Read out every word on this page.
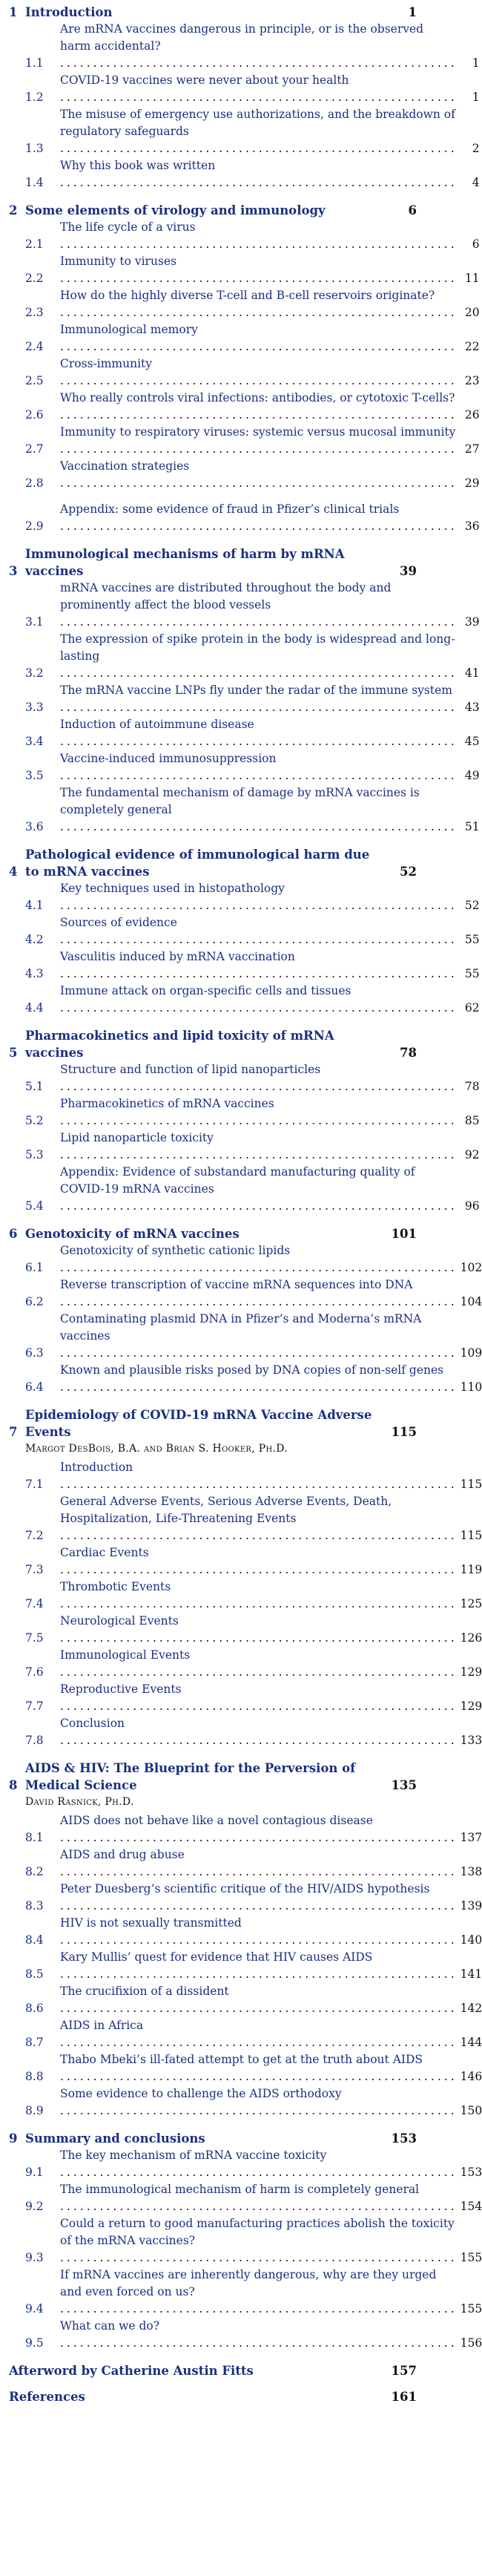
1 Introduction	1
1.1
Are mRNA vaccines dangerous in principle, or is the observed harm accidental? ............................................................	1
1.2
COVID-19 vaccines were never about your health ............................................................	1
1.3
The misuse of emergency use authorizations, and the breakdown of regulatory safeguards ............................................................	2
1.4
Why this book was written ............................................................	4
2 Some elements of virology and immunology	6
2.1
The life cycle of a virus ............................................................	6
2.2
Immunity to viruses ............................................................ 11
2.3
How do the highly diverse T-cell and B-cell reservoirs originate? ............................................................ 20
2.4
Immunological memory ............................................................ 22
2.5
Cross-immunity ............................................................ 23
2.6
Who really controls viral infections: antibodies, or cytotoxic T-cells? ............................................................ 26
2.7
Immunity to respiratory viruses: systemic versus mucosal immunity ............................................................ 27
2.8
Vaccination strategies ............................................................ 29
2.9
Appendix: some evidence of fraud in Pfizer’s clinical trials ............................................................ 36
3
Immunological mechanisms of harm by mRNA vaccines	39
3.1
mRNA vaccines are distributed throughout the body and prominently affect the blood vessels ............................................................ 39
3.2
The expression of spike protein in the body is widespread and long-lasting ............................................................ 41
3.3
The mRNA vaccine LNPs fly under the radar of the immune system ............................................................ 43
3.4
Induction of autoimmune disease ............................................................ 45
3.5
Vaccine-induced immunosuppression ............................................................ 49
3.6
The fundamental mechanism of damage by mRNA vaccines is completely general ............................................................ 51
4
Pathological evidence of immunological harm due to mRNA vaccines	52
4.1
Key techniques used in histopathology ............................................................ 52
4.2
Sources of evidence ............................................................ 55
4.3
Vasculitis induced by mRNA vaccination ............................................................ 55
4.4
Immune attack on organ-specific cells and tissues ............................................................ 62
5
Pharmacokinetics and lipid toxicity of mRNA vaccines	78
5.1
Structure and function of lipid nanoparticles ............................................................ 78
5.2
Pharmacokinetics of mRNA vaccines ............................................................ 85
5.3
Lipid nanoparticle toxicity ............................................................ 92
5.4
Appendix: Evidence of substandard manufacturing quality of COVID-19 mRNA vaccines ............................................................ 96
6 Genotoxicity of mRNA vaccines	101
6.1
Genotoxicity of synthetic cationic lipids ............................................................ 102
6.2
Reverse transcription of vaccine mRNA sequences into DNA ............................................................ 104
6.3
Contaminating plasmid DNA in Pfizer’s and Moderna’s mRNA vaccines ............................................................ 109
6.4
Known and plausible risks posed by DNA copies of non-self genes ............................................................ 110
7
Epidemiology of COVID-19 mRNA Vaccine Adverse Events	115
Margot DesBois, B.A. and Brian S. Hooker, Ph.D.
7.1
Introduction ............................................................ 115
7.2
General Adverse Events, Serious Adverse Events, Death, Hospitalization, Life-Threatening Events ............................................................ 115
7.3
Cardiac Events ............................................................ 119
7.4
Thrombotic Events ............................................................ 125
7.5
Neurological Events ............................................................ 126
7.6
Immunological Events ............................................................ 129
7.7
Reproductive Events ............................................................ 129
7.8
Conclusion ............................................................ 133
8
AIDS & HIV: The Blueprint for the Perversion of Medical Science	135
David Rasnick, Ph.D.
8.1
AIDS does not behave like a novel contagious disease ............................................................ 137
8.2
AIDS and drug abuse ............................................................ 138
8.3
Peter Duesberg’s scientific critique of the HIV/AIDS hypothesis ............................................................ 139
8.4
HIV is not sexually transmitted ............................................................ 140
8.5
Kary Mullis’ quest for evidence that HIV causes AIDS ............................................................ 141
8.6
The crucifixion of a dissident ............................................................ 142
8.7
AIDS in Africa ............................................................ 144
8.8
Thabo Mbeki’s ill-fated attempt to get at the truth about AIDS ............................................................ 146
8.9
Some evidence to challenge the AIDS orthodoxy ............................................................ 150
9 Summary and conclusions	153
9.1
The key mechanism of mRNA vaccine toxicity ............................................................ 153
9.2
The immunological mechanism of harm is completely general ............................................................ 154
9.3
Could a return to good manufacturing practices abolish the toxicity of the mRNA vaccines? ............................................................ 155
9.4
If mRNA vaccines are inherently dangerous, why are they urged and even forced on us? ............................................................ 155
9.5
What can we do? ............................................................ 156
Afterword by Catherine Austin Fitts	157
References	161
